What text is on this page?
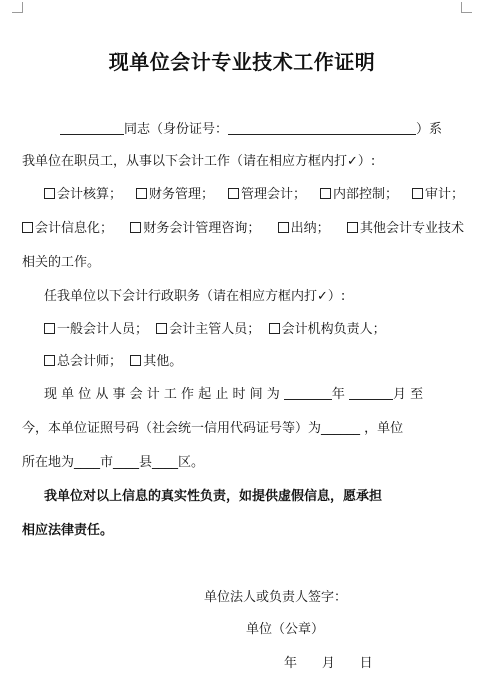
现单位会计专业技术工作证明
同志（身份证号：	）系
我单位在职员工，从事以下会计工作（请在相应方框内打✓）:
会计核算；	财务管理；	管理会计；	内部控制；	审计；
会计信息化；	财务会计管理咨询；	出纳；	其他会计专业技术
相关的工作。
任我单位以下会计行政职务（请在相应方框内打✓）:
一般会计人员； 会计主管人员； 会计机构负责人；
总会计师； 其他。
现 单 位 从 事 会 计 工 作 起 止 时 间 为	年	月 至
今，本单位证照号码（社会统一信用代码证号等）为______ ，单位
所在地为____市____县____区。
我单位对以上信息的真实性负责，如提供虚假信息，愿承担
相应法律责任。
单位法人或负责人签字：
单位（公章）
年 月 日
